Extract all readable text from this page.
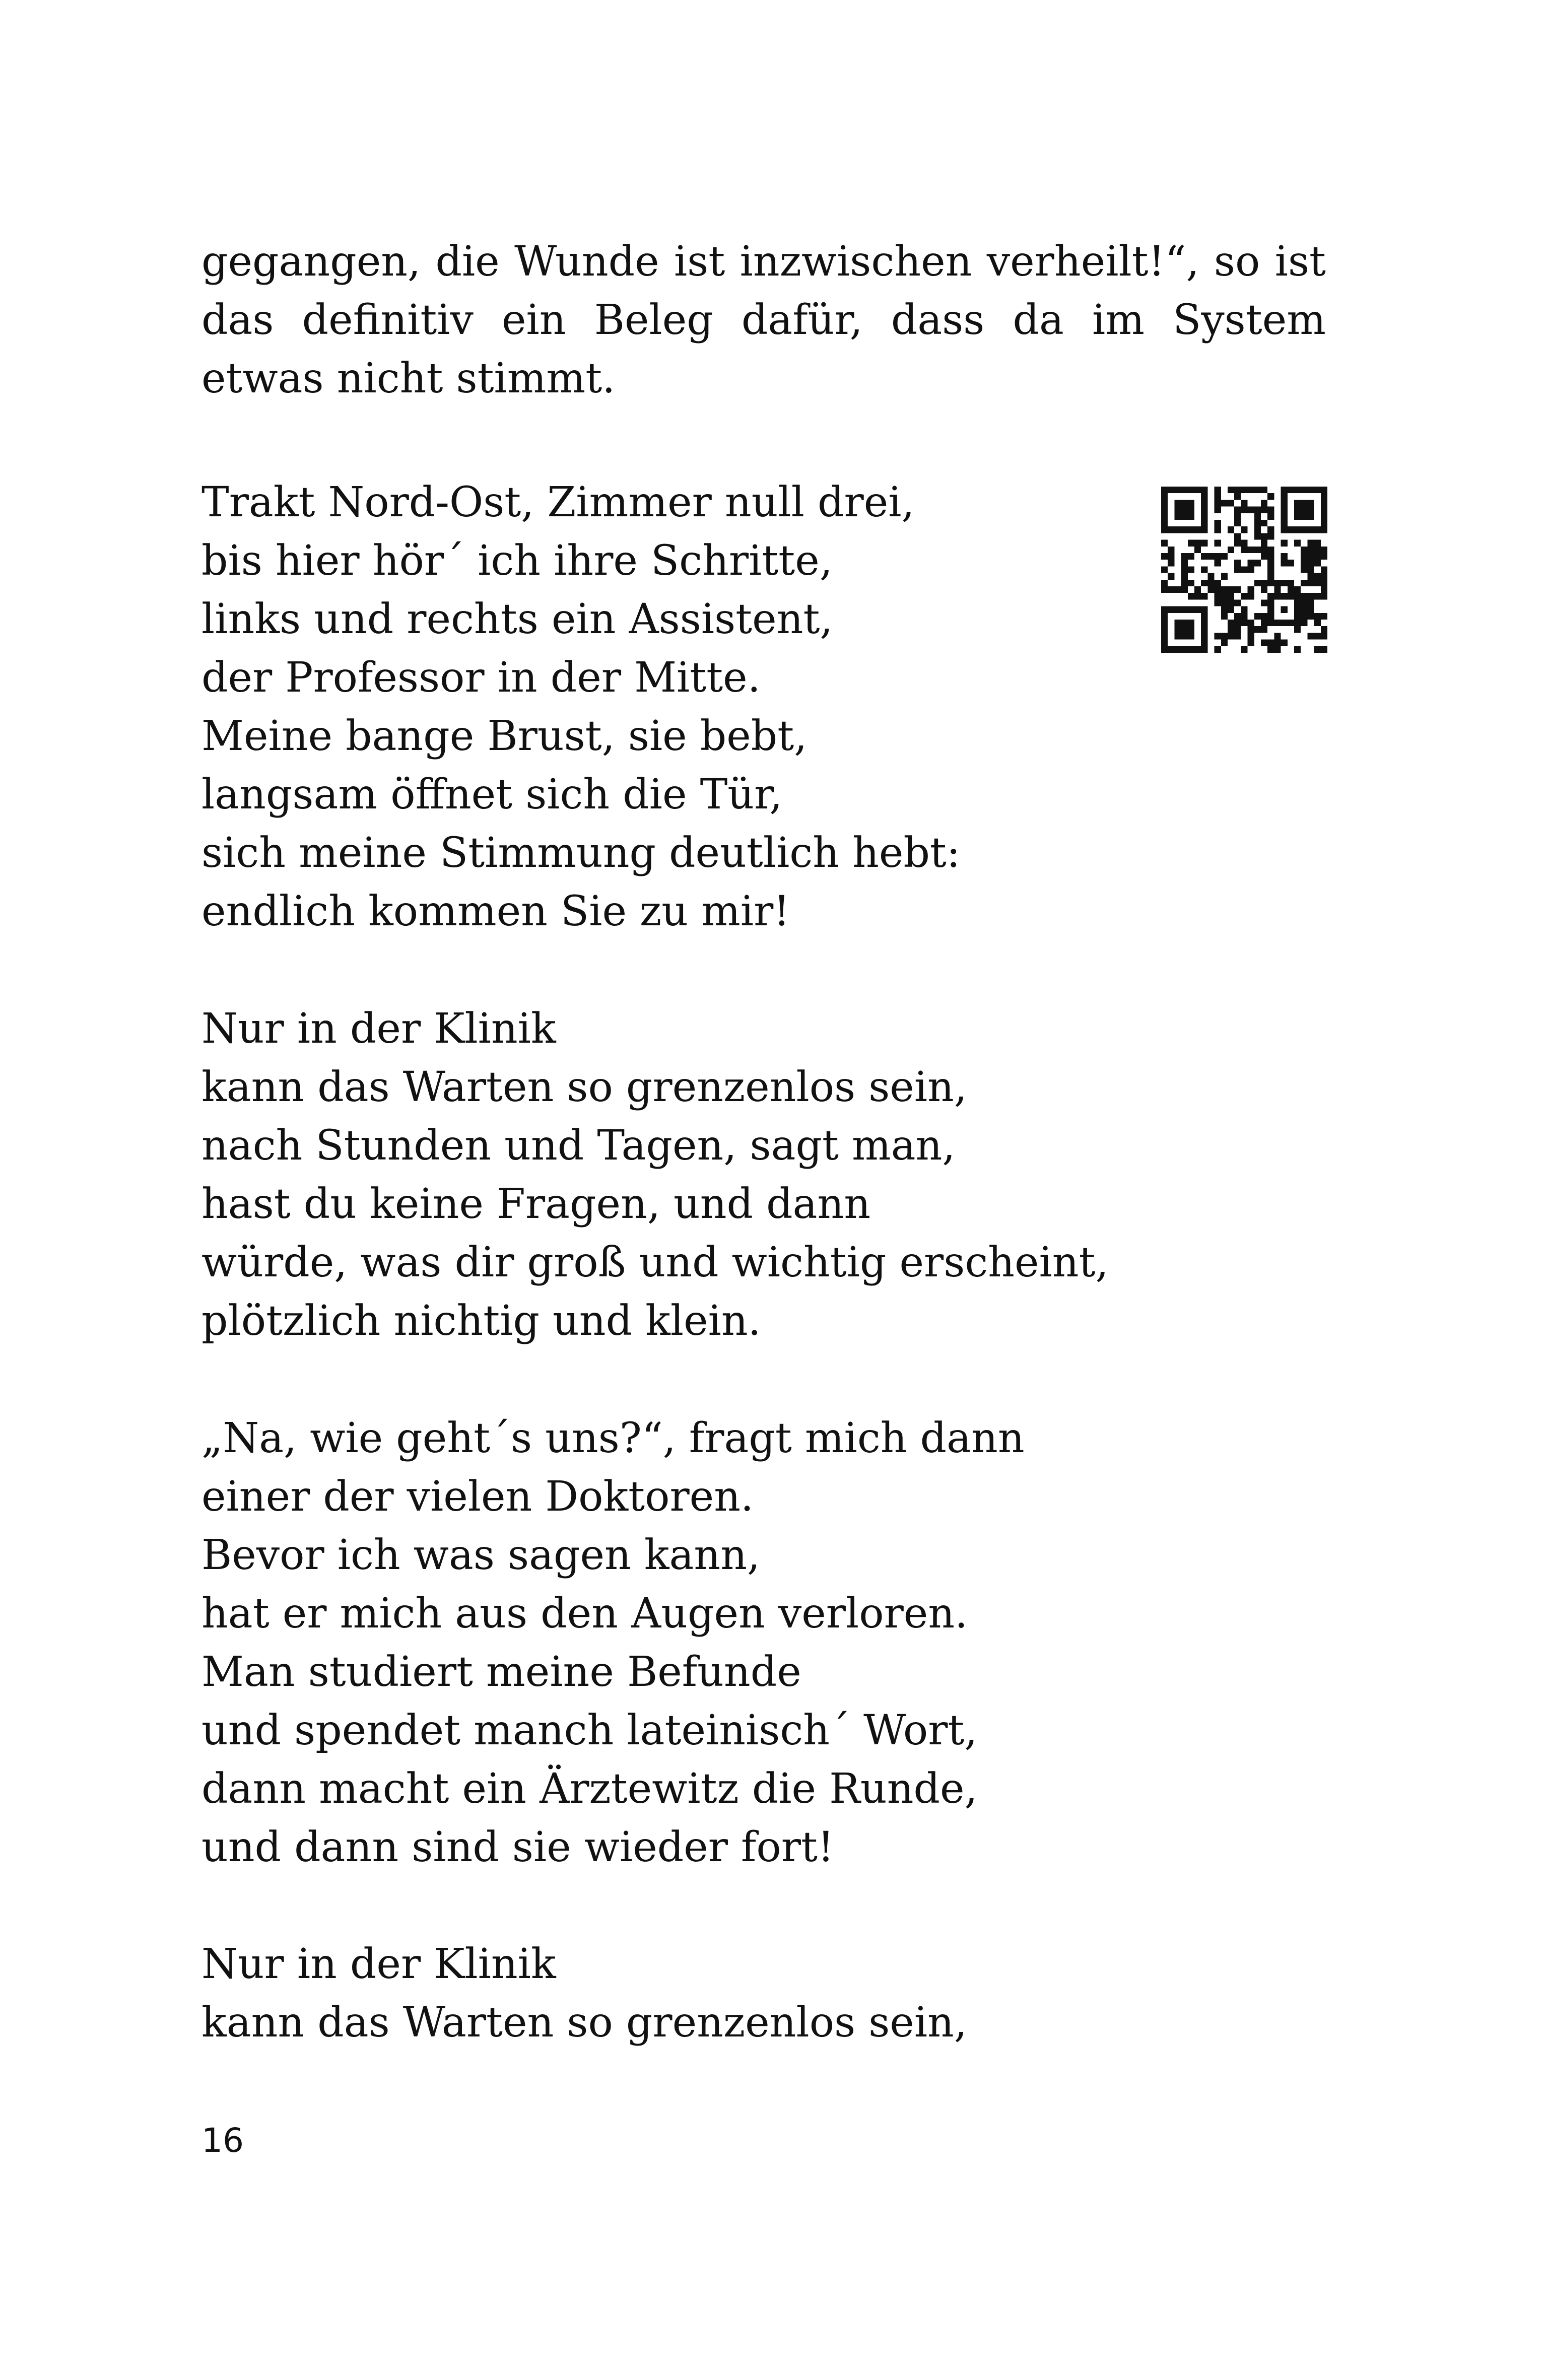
gegangen, die Wunde ist inzwischen verheilt!“, so ist das definitiv ein Beleg dafür, dass da im System etwas nicht stimmt.

Trakt Nord-Ost, Zimmer null drei,
bis hier hör´ ich ihre Schritte,
links und rechts ein Assistent,
der Professor in der Mitte.
Meine bange Brust, sie bebt,
langsam öffnet sich die Tür,
sich meine Stimmung deutlich hebt:
endlich kommen Sie zu mir!
Nur in der Klinik
kann das Warten so grenzenlos sein,
nach Stunden und Tagen, sagt man,
hast du keine Fragen, und dann
würde, was dir groß und wichtig erscheint,
plötzlich nichtig und klein.
„Na, wie geht´s uns?“, fragt mich dann
einer der vielen Doktoren.
Bevor ich was sagen kann,
hat er mich aus den Augen verloren.
Man studiert meine Befunde
und spendet manch lateinisch´ Wort,
dann macht ein Ärztewitz die Runde,
und dann sind sie wieder fort!
Nur in der Klinik
kann das Warten so grenzenlos sein,
16
